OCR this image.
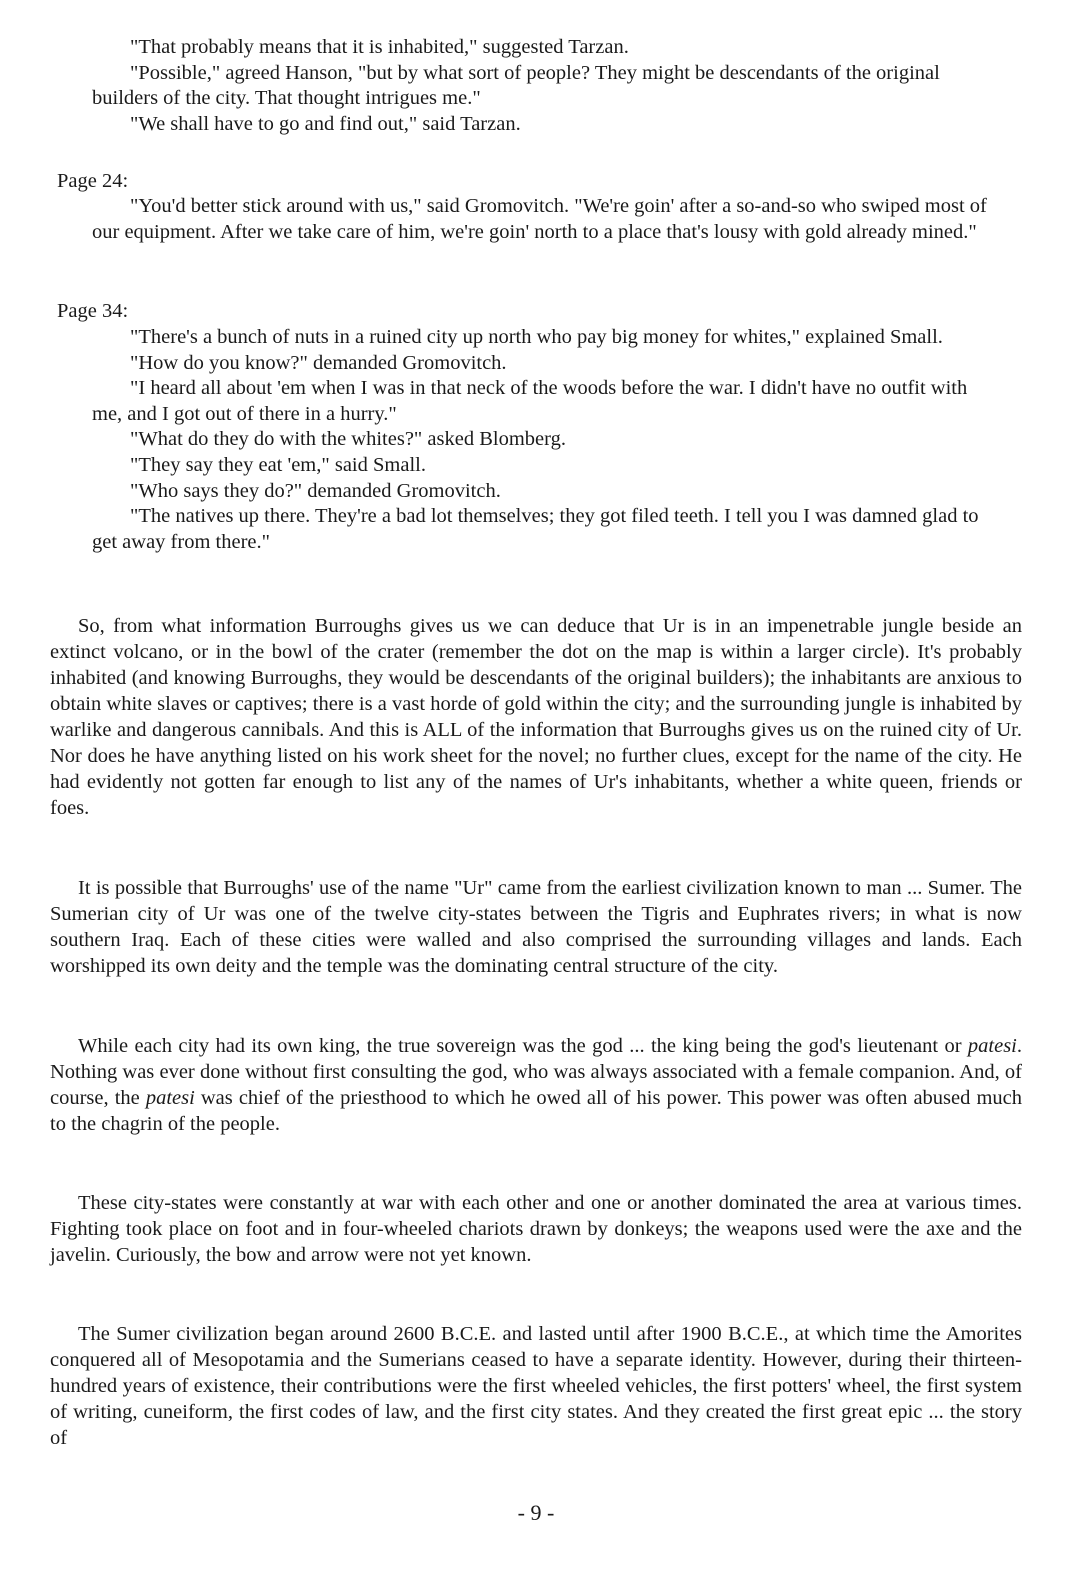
"That probably means that it is inhabited," suggested Tarzan.

"Possible," agreed Hanson, "but by what sort of people? They might be descendants of the original builders of the city. That thought intrigues me."

"We shall have to go and find out," said Tarzan.

Page 24:

"You'd better stick around with us," said Gromovitch. "We're goin' after a so-and-so who swiped most of our equipment. After we take care of him, we're goin' north to a place that's lousy with gold already mined."

Page 34:

"There's a bunch of nuts in a ruined city up north who pay big money for whites," explained Small.

"How do you know?" demanded Gromovitch.

"I heard all about 'em when I was in that neck of the woods before the war. I didn't have no outfit with me, and I got out of there in a hurry."

"What do they do with the whites?" asked Blomberg.

"They say they eat 'em," said Small.

"Who says they do?" demanded Gromovitch.

"The natives up there. They're a bad lot themselves; they got filed teeth. I tell you I was damned glad to get away from there."

So, from what information Burroughs gives us we can deduce that Ur is in an impenetrable jungle beside an extinct volcano, or in the bowl of the crater (remember the dot on the map is within a larger circle). It's probably inhabited (and knowing Burroughs, they would be descendants of the original builders); the inhabitants are anxious to obtain white slaves or captives; there is a vast horde of gold within the city; and the surrounding jungle is inhabited by warlike and dangerous cannibals. And this is ALL of the information that Burroughs gives us on the ruined city of Ur. Nor does he have anything listed on his work sheet for the novel; no further clues, except for the name of the city. He had evidently not gotten far enough to list any of the names of Ur's inhabitants, whether a white queen, friends or foes.

It is possible that Burroughs' use of the name "Ur" came from the earliest civilization known to man ... Sumer. The Sumerian city of Ur was one of the twelve city-states between the Tigris and Euphrates rivers; in what is now southern Iraq. Each of these cities were walled and also comprised the surrounding villages and lands. Each worshipped its own deity and the temple was the dominating central structure of the city.

While each city had its own king, the true sovereign was the god ... the king being the god's lieutenant or patesi. Nothing was ever done without first consulting the god, who was always associated with a female companion. And, of course, the patesi was chief of the priesthood to which he owed all of his power. This power was often abused much to the chagrin of the people.

These city-states were constantly at war with each other and one or another dominated the area at various times. Fighting took place on foot and in four-wheeled chariots drawn by donkeys; the weapons used were the axe and the javelin. Curiously, the bow and arrow were not yet known.

The Sumer civilization began around 2600 B.C.E. and lasted until after 1900 B.C.E., at which time the Amorites conquered all of Mesopotamia and the Sumerians ceased to have a separate identity. However, during their thirteen-hundred years of existence, their contributions were the first wheeled vehicles, the first potters' wheel, the first system of writing, cuneiform, the first codes of law, and the first city states. And they created the first great epic ... the story of

- 9 -
